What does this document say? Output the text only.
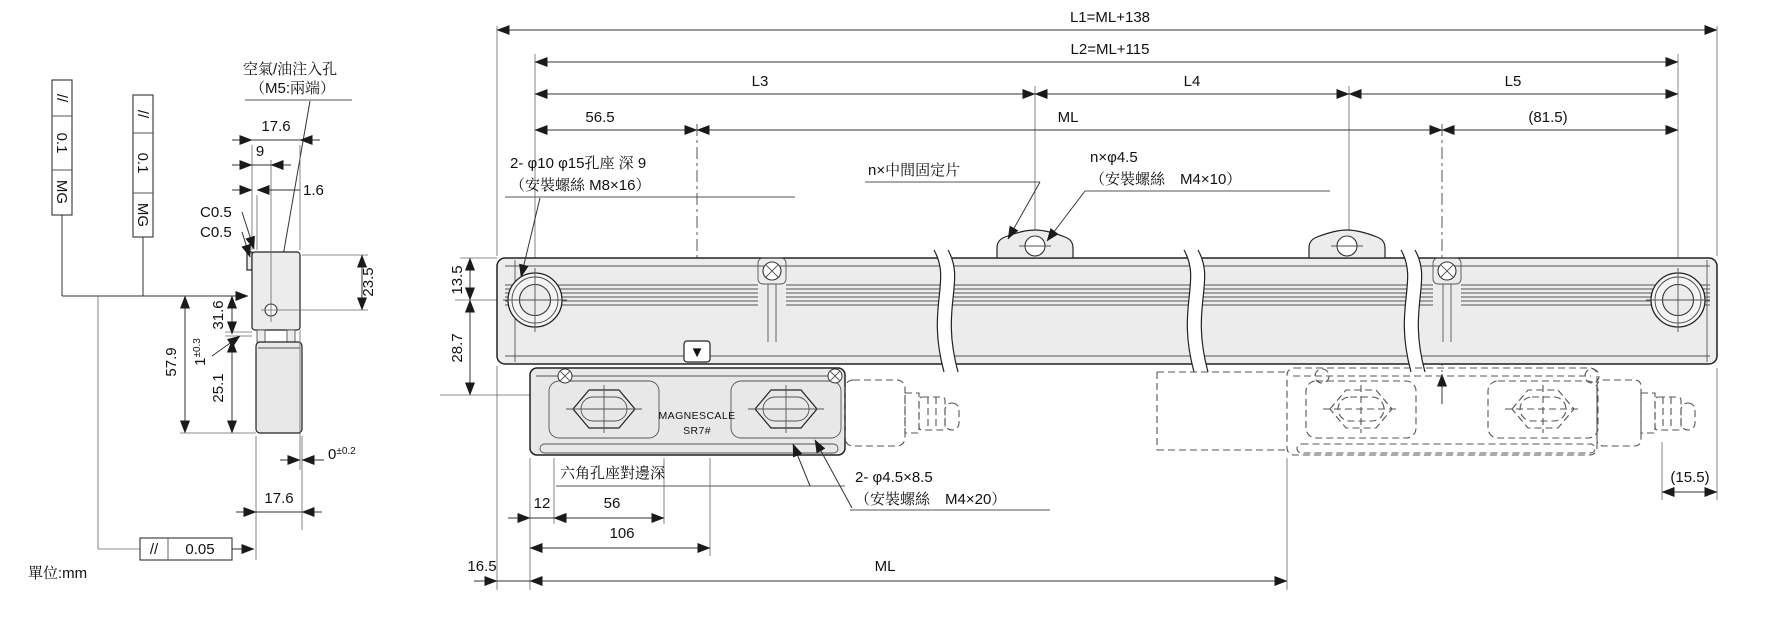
▼
MAGNESCALE
SR7#
L1=ML+138
L2=ML+115
L3	L4	L5
56.5	ML	(81.5)
13.5
28.7
12	56
106
16.5	ML
(15.5)
2- φ10 φ15孔座 深 9
（安裝螺絲 M8×16）
n×中間固定片
n×φ4.5
（安裝螺絲　M4×10）
六角孔座對邊深	2- φ4.5×8.5
（安裝螺絲　M4×20）
//
0.1
MG
//
0.1
MG
// 0.05
空氣/油注入孔
（M5:兩端）
17.6
9
1.6
C0.5
C0.5
23.5
31.6
$1^{\pm 0.3}$
57.9
25.1
$0^{\pm 0.2}$
17.6
單位:mm
